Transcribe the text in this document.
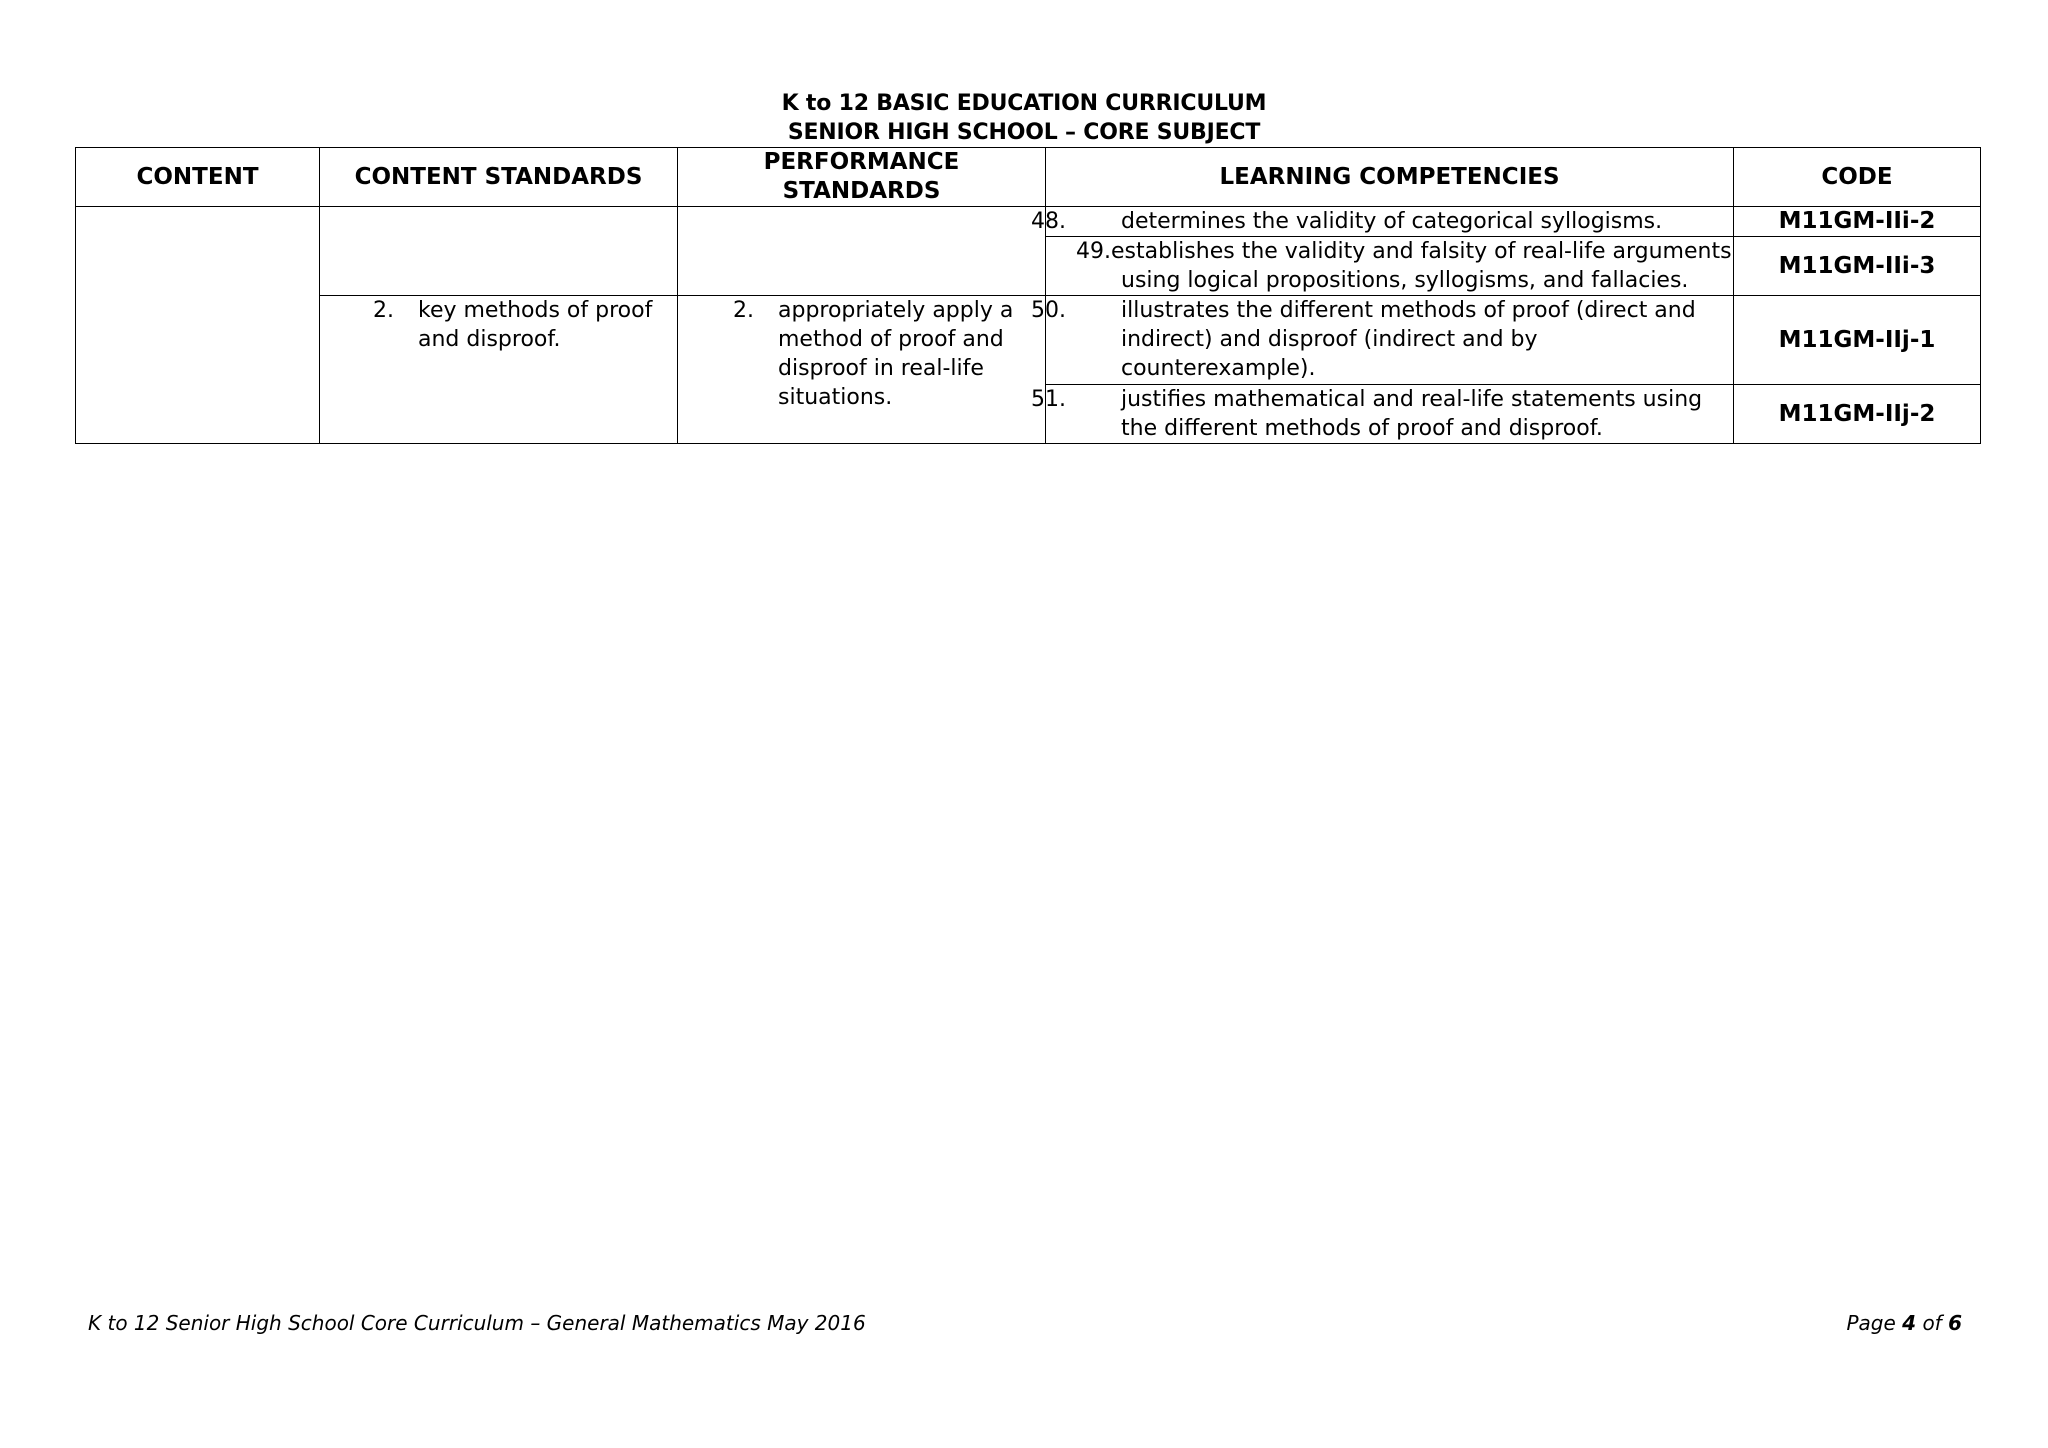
K to 12 BASIC EDUCATION CURRICULUM
SENIOR HIGH SCHOOL – CORE SUBJECT
CONTENT	CONTENT STANDARDS	PERFORMANCE STANDARDS	LEARNING COMPETENCIES	CODE

			48. determines the validity of categorical syllogisms.	M11GM-IIi-2

			49.establishes the validity and falsity of real-life arguments using logical propositions, syllogisms, and fallacies.	M11GM-IIi-3

	2. key methods of proof and disproof.	2. appropriately apply a method of proof and disproof in real-life situations.	50. illustrates the different methods of proof (direct and indirect) and disproof (indirect and by counterexample).	M11GM-IIj-1

			51. justifies mathematical and real-life statements using the different methods of proof and disproof.	M11GM-IIj-2
K to 12 Senior High School Core Curriculum – General Mathematics May 2016	Page 4 of 6
